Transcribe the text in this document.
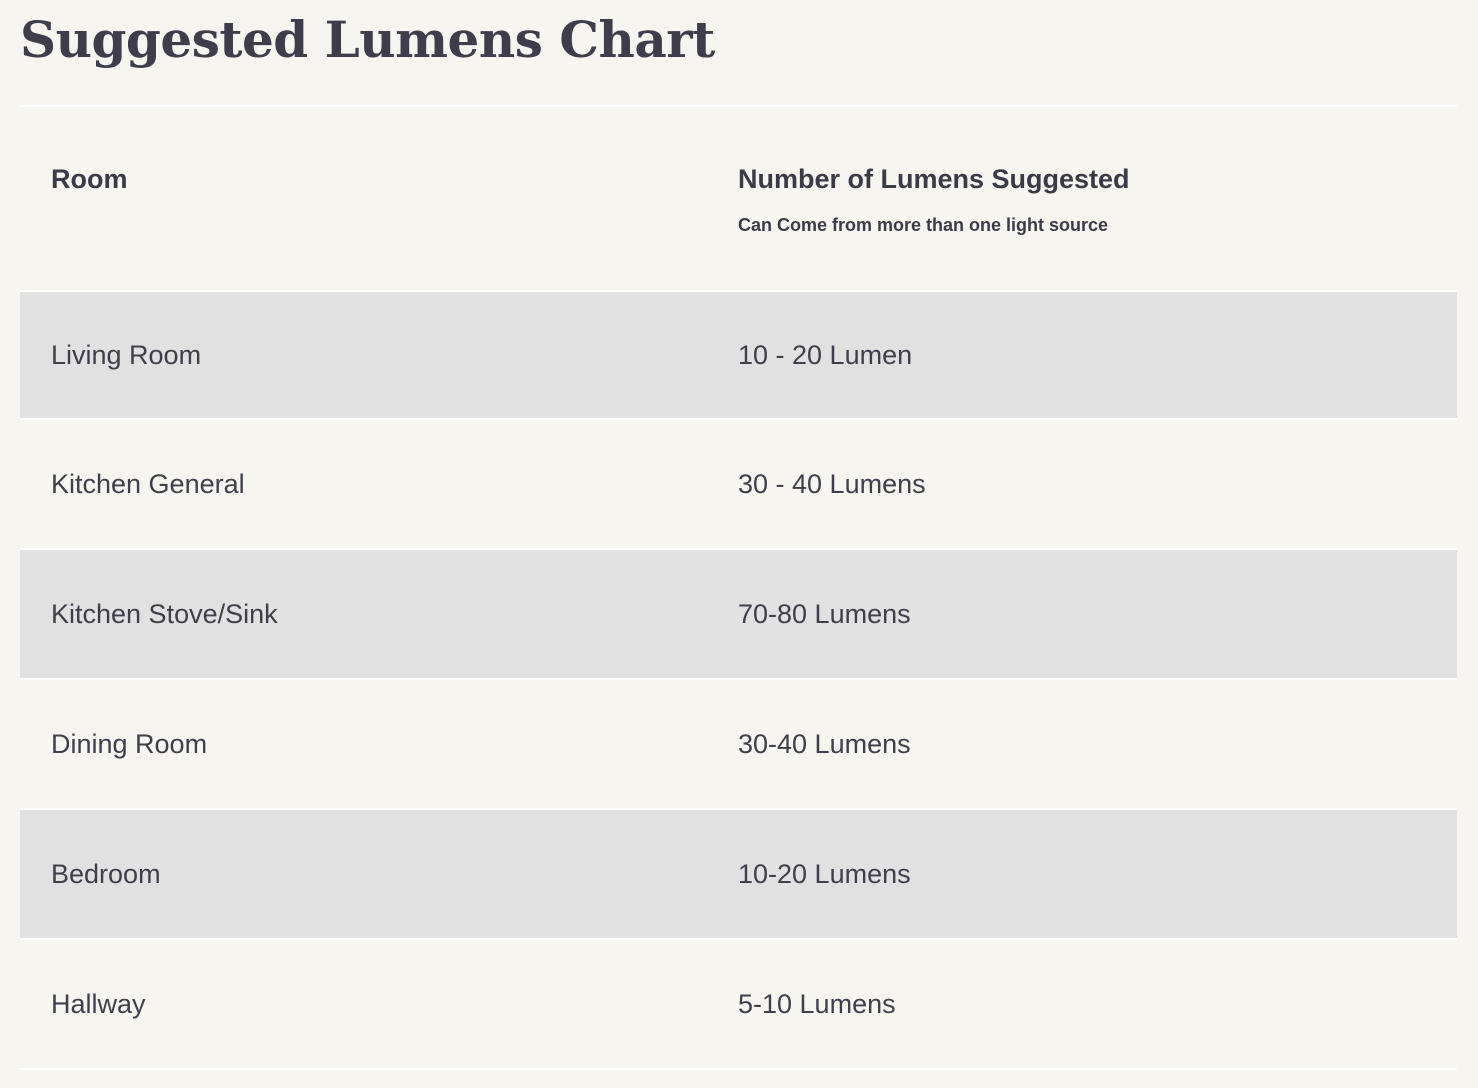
Suggested Lumens Chart
Room	Number of Lumens Suggested
Can Come from more than one light source
Living Room	10 - 20 Lumen
Kitchen General	30 - 40 Lumens
Kitchen Stove/Sink	70-80 Lumens
Dining Room	30-40 Lumens
Bedroom	10-20 Lumens
Hallway	5-10 Lumens
